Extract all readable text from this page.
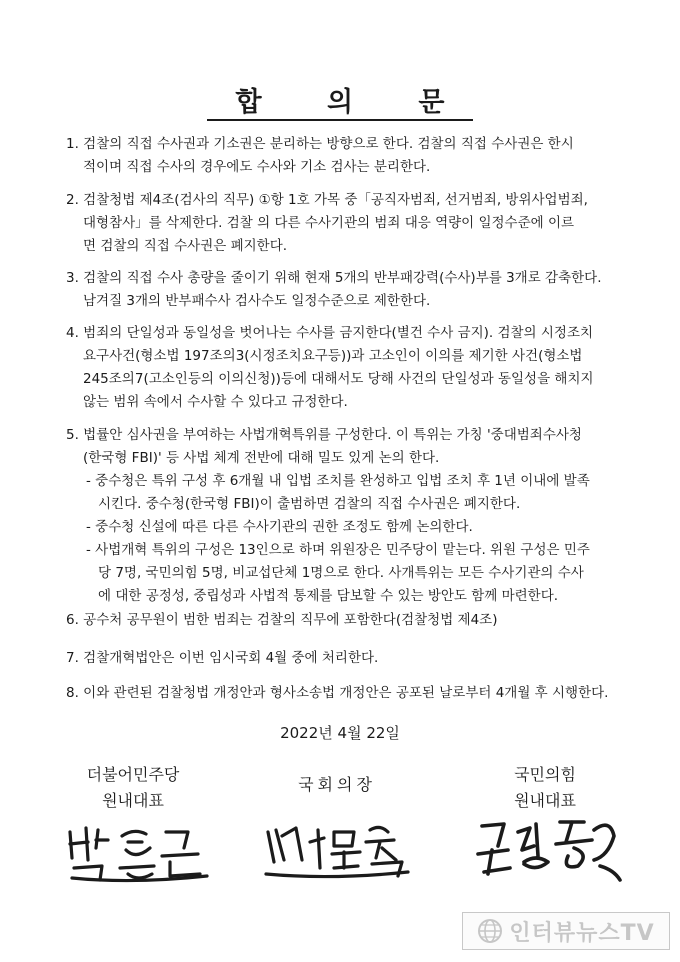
합 의 문
1. 검찰의 직접 수사권과 기소권은 분리하는 방향으로 한다. 검찰의 직접 수사권은 한시
적이며 직접 수사의 경우에도 수사와 기소 검사는 분리한다.
2. 검찰청법 제4조(검사의 직무) ①항 1호 가목 중「공직자범죄, 선거범죄, 방위사업범죄,
대형참사」를 삭제한다. 검찰 의 다른 수사기관의 범죄 대응 역량이 일정수준에 이르
면 검찰의 직접 수사권은 폐지한다.
3. 검찰의 직접 수사 총량을 줄이기 위해 현재 5개의 반부패강력(수사)부를 3개로 감축한다.
남겨질 3개의 반부패수사 검사수도 일정수준으로 제한한다.
4. 범죄의 단일성과 동일성을 벗어나는 수사를 금지한다(별건 수사 금지). 검찰의 시정조치
요구사건(형소법 197조의3(시정조치요구등))과 고소인이 이의를 제기한 사건(형소법
245조의7(고소인등의 이의신청))등에 대해서도 당해 사건의 단일성과 동일성을 해치지
않는 범위 속에서 수사할 수 있다고 규정한다.
5. 법률안 심사권을 부여하는 사법개혁특위를 구성한다. 이 특위는 가칭 '중대범죄수사청
(한국형 FBI)' 등 사법 체계 전반에 대해 밀도 있게 논의 한다.
- 중수청은 특위 구성 후 6개월 내 입법 조치를 완성하고 입법 조치 후 1년 이내에 발족
시킨다. 중수청(한국형 FBI)이 출범하면 검찰의 직접 수사권은 폐지한다.
- 중수청 신설에 따른 다른 수사기관의 권한 조정도 함께 논의한다.
- 사법개혁 특위의 구성은 13인으로 하며 위원장은 민주당이 맡는다. 위원 구성은 민주
당 7명, 국민의힘 5명, 비교섭단체 1명으로 한다. 사개특위는 모든 수사기관의 수사
에 대한 공정성, 중립성과 사법적 통제를 담보할 수 있는 방안도 함께 마련한다.
6. 공수처 공무원이 범한 범죄는 검찰의 직무에 포함한다(검찰청법 제4조)
7. 검찰개혁법안은 이번 임시국회 4월 중에 처리한다.
8. 이와 관련된 검찰청법 개정안과 형사소송법 개정안은 공포된 날로부터 4개월 후 시행한다.
2022년 4월 22일
더불어민주당
원내대표
국회의장
국민의힘
원내대표
인터뷰뉴스TV
